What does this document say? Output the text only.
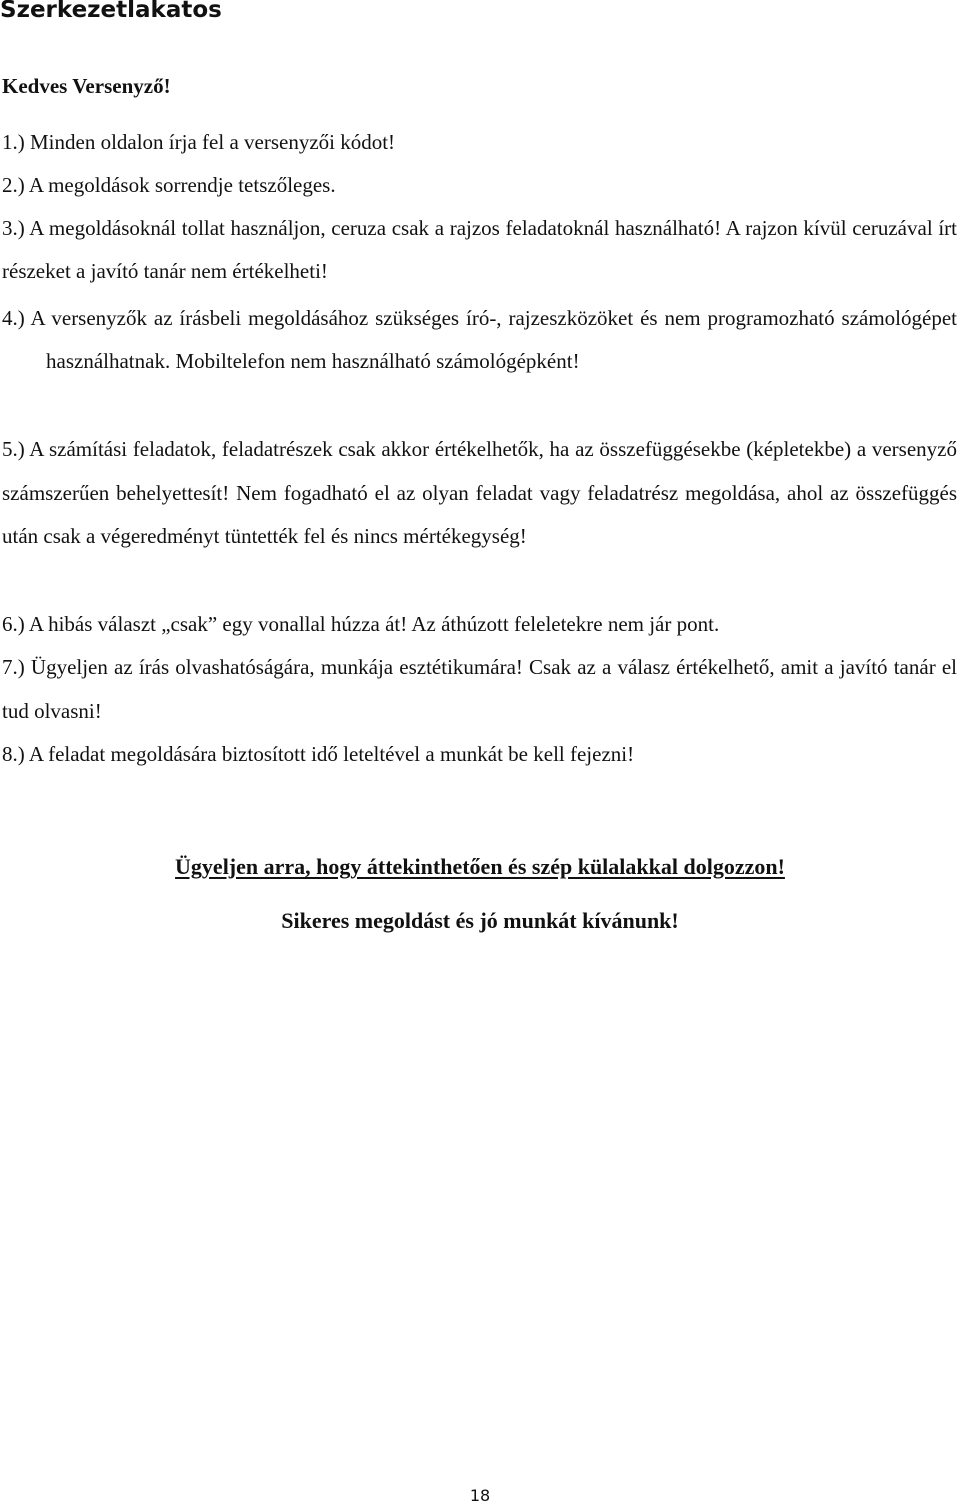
Szerkezetlakatos

Kedves Versenyző!

1.) Minden oldalon írja fel a versenyzői kódot!

2.) A megoldások sorrendje tetszőleges.

3.) A megoldásoknál tollat használjon, ceruza csak a rajzos feladatoknál használható! A rajzon kívül ceruzával írt részeket a javító tanár nem értékelheti!

4.) A versenyzők az írásbeli megoldásához szükséges író-, rajzeszközöket és nem programozható számológépet használhatnak. Mobiltelefon nem használható számológépként!

5.) A számítási feladatok, feladatrészek csak akkor értékelhetők, ha az összefüggésekbe (képletekbe) a versenyző számszerűen behelyettesít! Nem fogadható el az olyan feladat vagy feladatrész megoldása, ahol az összefüggés után csak a végeredményt tüntették fel és nincs mértékegység!

6.) A hibás választ „csak” egy vonallal húzza át! Az áthúzott feleletekre nem jár pont.

7.) Ügyeljen az írás olvashatóságára, munkája esztétikumára! Csak az a válasz értékelhető, amit a javító tanár el tud olvasni!

8.) A feladat megoldására biztosított idő leteltével a munkát be kell fejezni!

Ügyeljen arra, hogy áttekinthetően és szép külalakkal dolgozzon!

Sikeres megoldást és jó munkát kívánunk!

18
